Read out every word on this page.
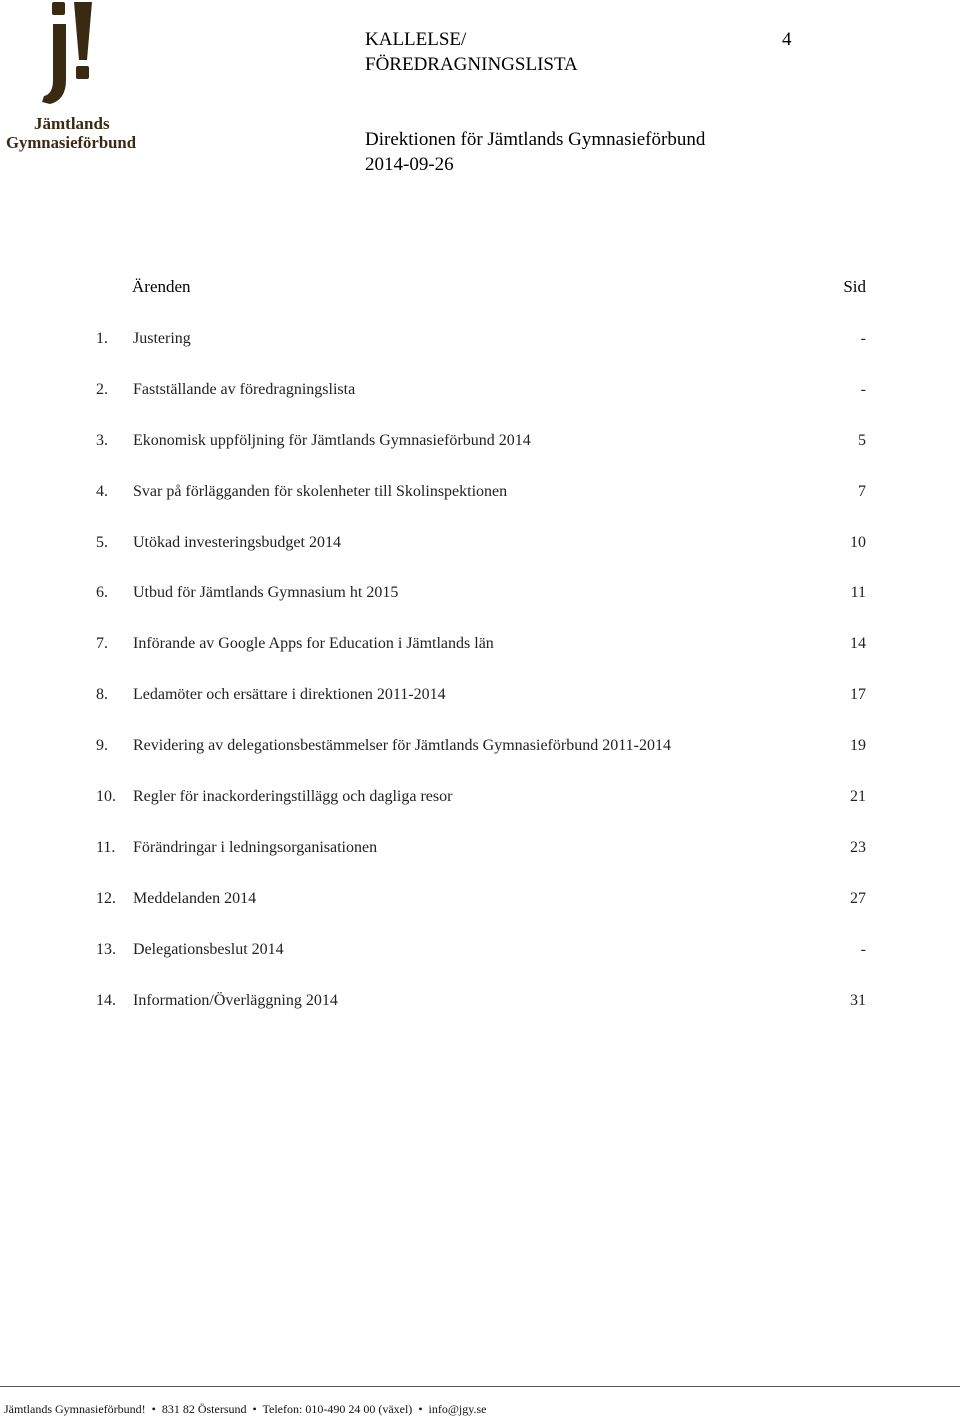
Jämtlands
Gymnasieförbund
KALLELSE/
FÖREDRAGNINGSLISTA
4
Direktionen för Jämtlands Gymnasieförbund
2014-09-26
Ärenden	Sid
1.	Justering	-
2.	Fastställande av föredragningslista	-
3.	Ekonomisk uppföljning för Jämtlands Gymnasieförbund 2014	5
4.	Svar på förlägganden för skolenheter till Skolinspektionen	7
5.	Utökad investeringsbudget 2014	10
6.	Utbud för Jämtlands Gymnasium ht 2015	11
7.	Införande av Google Apps for Education i Jämtlands län	14
8.	Ledamöter och ersättare i direktionen 2011-2014	17
9.	Revidering av delegationsbestämmelser för Jämtlands Gymnasieförbund 2011-2014	19
10.	Regler för inackorderingstillägg och dagliga resor	21
11.	Förändringar i ledningsorganisationen	23
12.	Meddelanden 2014	27
13.	Delegationsbeslut 2014	-
14.	Information/Överläggning 2014	31
Jämtlands Gymnasieförbund! • 831 82 Östersund • Telefon: 010-490 24 00 (växel) • info@jgy.se
